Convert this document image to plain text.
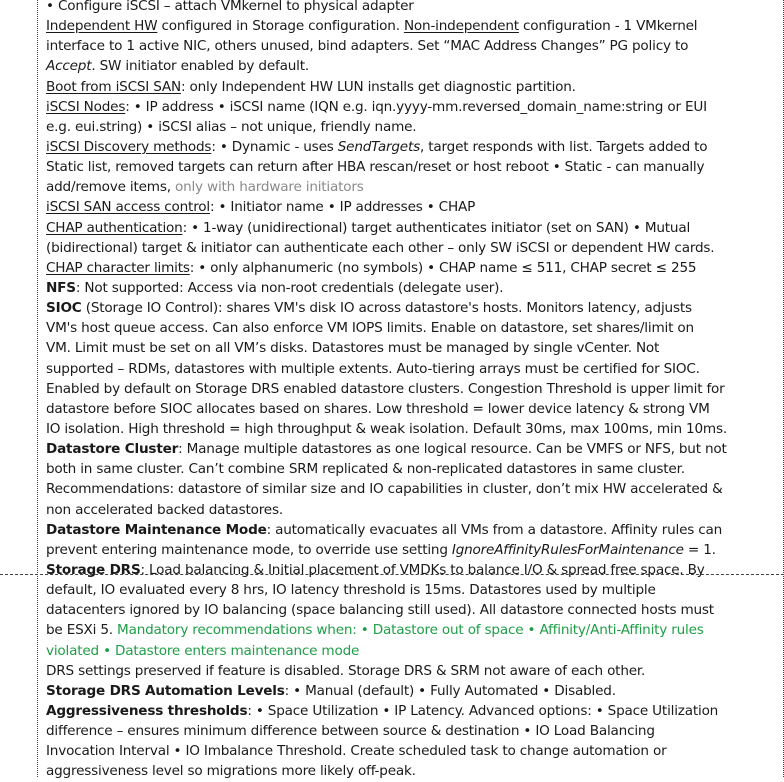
• Configure iSCSI – attach VMkernel to physical adapter
Independent HW configured in Storage configuration. Non-independent configuration - 1 VMkernel
interface to 1 active NIC, others unused, bind adapters. Set “MAC Address Changes” PG policy to
Accept. SW initiator enabled by default.
Boot from iSCSI SAN: only Independent HW LUN installs get diagnostic partition.
iSCSI Nodes: • IP address • iSCSI name (IQN e.g. iqn.yyyy-mm.reversed_domain_name:string or EUI
e.g. eui.string) • iSCSI alias – not unique, friendly name.
iSCSI Discovery methods: • Dynamic - uses SendTargets, target responds with list. Targets added to
Static list, removed targets can return after HBA rescan/reset or host reboot • Static - can manually
add/remove items, only with hardware initiators
iSCSI SAN access control: • Initiator name • IP addresses • CHAP
CHAP authentication: • 1-way (unidirectional) target authenticates initiator (set on SAN) • Mutual
(bidirectional) target & initiator can authenticate each other – only SW iSCSI or dependent HW cards.
CHAP character limits: • only alphanumeric (no symbols) • CHAP name ≤ 511, CHAP secret ≤ 255
NFS: Not supported: Access via non-root credentials (delegate user).
SIOC (Storage IO Control): shares VM's disk IO across datastore's hosts. Monitors latency, adjusts
VM's host queue access. Can also enforce VM IOPS limits. Enable on datastore, set shares/limit on
VM. Limit must be set on all VM’s disks. Datastores must be managed by single vCenter. Not
supported – RDMs, datastores with multiple extents. Auto-tiering arrays must be certified for SIOC.
Enabled by default on Storage DRS enabled datastore clusters. Congestion Threshold is upper limit for
datastore before SIOC allocates based on shares. Low threshold = lower device latency & strong VM
IO isolation. High threshold = high throughput & weak isolation. Default 30ms, max 100ms, min 10ms.
Datastore Cluster: Manage multiple datastores as one logical resource. Can be VMFS or NFS, but not
both in same cluster. Can’t combine SRM replicated & non-replicated datastores in same cluster.
Recommendations: datastore of similar size and IO capabilities in cluster, don’t mix HW accelerated &
non accelerated backed datastores.
Datastore Maintenance Mode: automatically evacuates all VMs from a datastore. Affinity rules can
prevent entering maintenance mode, to override use setting IgnoreAffinityRulesForMaintenance = 1.
Storage DRS: Load balancing & Initial placement of VMDKs to balance I/O & spread free space. By
default, IO evaluated every 8 hrs, IO latency threshold is 15ms. Datastores used by multiple
datacenters ignored by IO balancing (space balancing still used). All datastore connected hosts must
be ESXi 5. Mandatory recommendations when: • Datastore out of space • Affinity/Anti-Affinity rules
violated • Datastore enters maintenance mode
DRS settings preserved if feature is disabled. Storage DRS & SRM not aware of each other.
Storage DRS Automation Levels: • Manual (default) • Fully Automated • Disabled.
Aggressiveness thresholds: • Space Utilization • IP Latency. Advanced options: • Space Utilization
difference – ensures minimum difference between source & destination • IO Load Balancing
Invocation Interval • IO Imbalance Threshold. Create scheduled task to change automation or
aggressiveness level so migrations more likely off-peak.
